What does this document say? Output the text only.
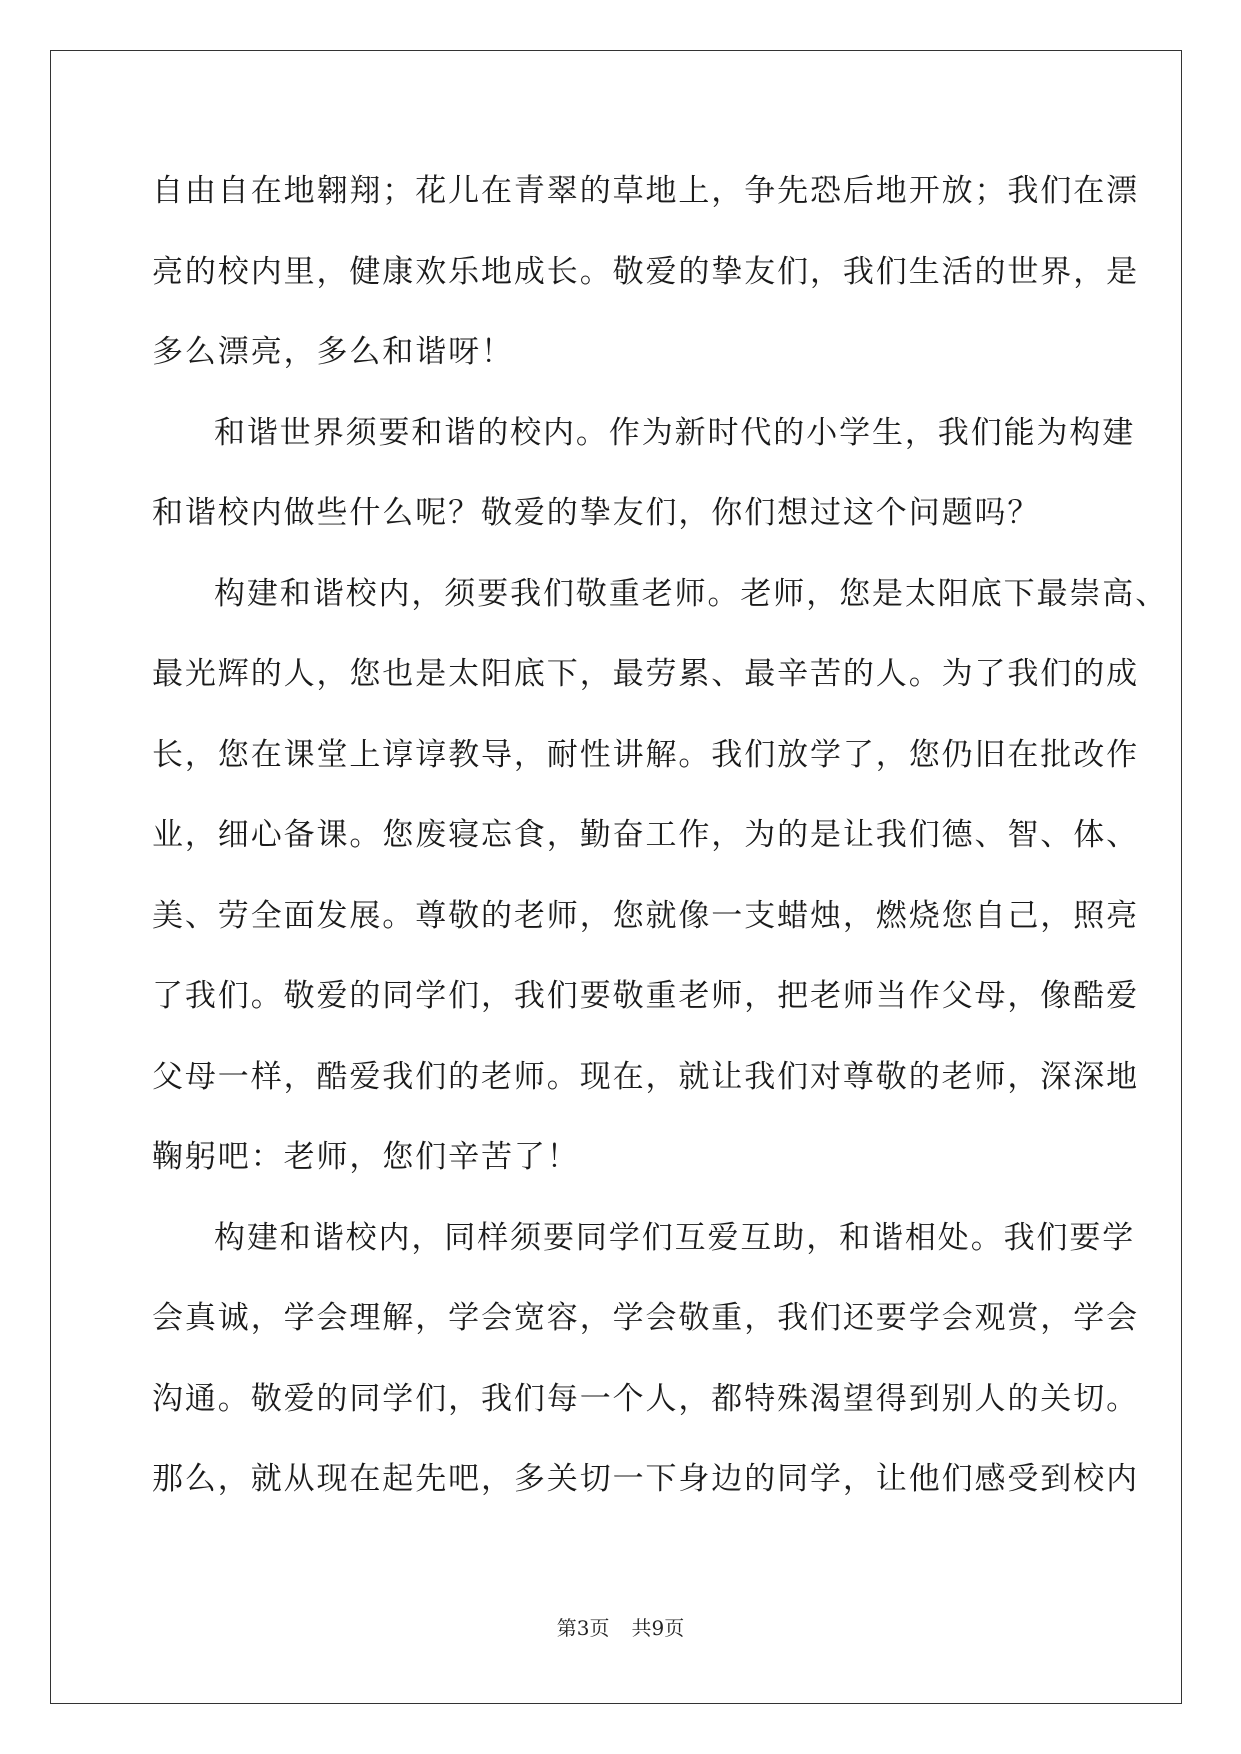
自由自在地翱翔；花儿在青翠的草地上，争先恐后地开放；我们在漂
亮的校内里，健康欢乐地成长。敬爱的挚友们，我们生活的世界，是
多么漂亮，多么和谐呀！
和谐世界须要和谐的校内。作为新时代的小学生，我们能为构建
和谐校内做些什么呢？敬爱的挚友们，你们想过这个问题吗？
构建和谐校内，须要我们敬重老师。老师，您是太阳底下最崇高、
最光辉的人，您也是太阳底下，最劳累、最辛苦的人。为了我们的成
长，您在课堂上谆谆教导，耐性讲解。我们放学了，您仍旧在批改作
业，细心备课。您废寝忘食，勤奋工作，为的是让我们德、智、体、
美、劳全面发展。尊敬的老师，您就像一支蜡烛，燃烧您自己，照亮
了我们。敬爱的同学们，我们要敬重老师，把老师当作父母，像酷爱
父母一样，酷爱我们的老师。现在，就让我们对尊敬的老师，深深地
鞠躬吧：老师，您们辛苦了！
构建和谐校内，同样须要同学们互爱互助，和谐相处。我们要学
会真诚，学会理解，学会宽容，学会敬重，我们还要学会观赏，学会
沟通。敬爱的同学们，我们每一个人，都特殊渴望得到别人的关切。
那么，就从现在起先吧，多关切一下身边的同学，让他们感受到校内
第3页 共9页
